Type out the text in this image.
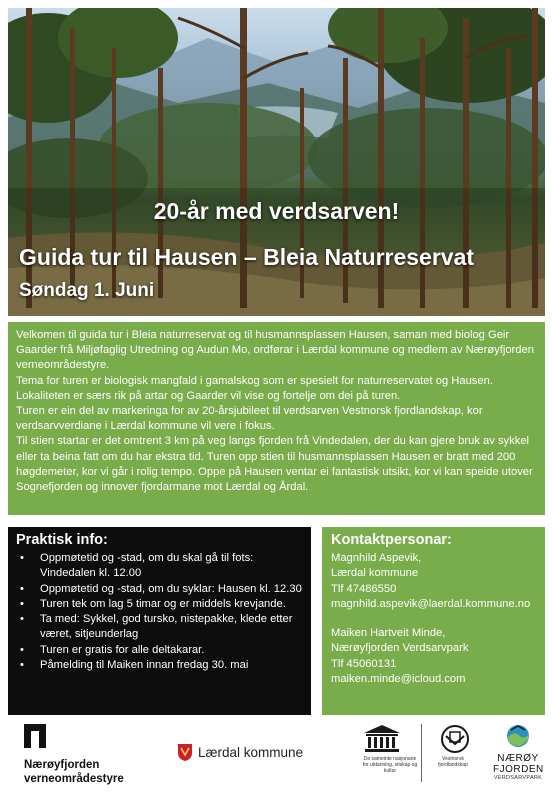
20-år med verdsarven!
Guida tur til Hausen – Bleia Naturreservat
Søndag 1. Juni

Velkomen til guida tur i Bleia naturreservat og til husmannsplassen Hausen, saman med biolog Geir Gaarder frå Miljøfaglig Utredning og Audun Mo, ordførar i Lærdal kommune og medlem av Nærøyfjorden verneområdestyre.

Tema for turen er biologisk mangfald i gamalskog som er spesielt for naturreservatet og Hausen. Lokaliteten er særs rik på artar og Gaarder vil vise og fortelje om dei på turen.

Turen er ein del av markeringa for av 20-årsjubileet til verdsarven Vestnorsk fjordlandskap, kor verdsarvverdiane i Lærdal kommune vil vere i fokus.

Til stien startar er det omtrent 3 km på veg langs fjorden frå Vindedalen, der du kan gjere bruk av sykkel eller ta beina fatt om du har ekstra tid. Turen opp stien til husmannsplassen Hausen er bratt med 200 høgdemeter, kor vi går i rolig tempo. Oppe på Hausen ventar ei fantastisk utsikt, kor vi kan speide utover Sognefjorden og innover fjordarmane mot Lærdal og Årdal.

Praktisk info:
• Oppmøtetid og -stad, om du skal gå til fots: Vindedalen kl. 12.00
• Oppmøtetid og -stad, om du syklar: Hausen kl. 12.30
• Turen tek om lag 5 timar og er middels krevjande.
• Ta med: Sykkel, god tursko, nistepakke, klede etter været, sitjeunderlag
• Turen er gratis for alle deltakarar.
• Påmelding til Maiken innan fredag 30. mai
Kontaktpersonar:
Magnhild Aspevik,
Lærdal kommune
Tlf 47486550
magnhild.aspevik@laerdal.kommune.no
Maiken Hartveit Minde,
Nærøyfjorden Verdsarvpark
Tlf 45060131
maiken.minde@icloud.com
Nærøyfjorden
verneområdestyre
Lærdal kommune	De sameinte nasjonane for utdanning, vitskap og kultur
Vestnorsk fjordlandskap
NÆRØY
FJORDEN
VERDSARVPARK
